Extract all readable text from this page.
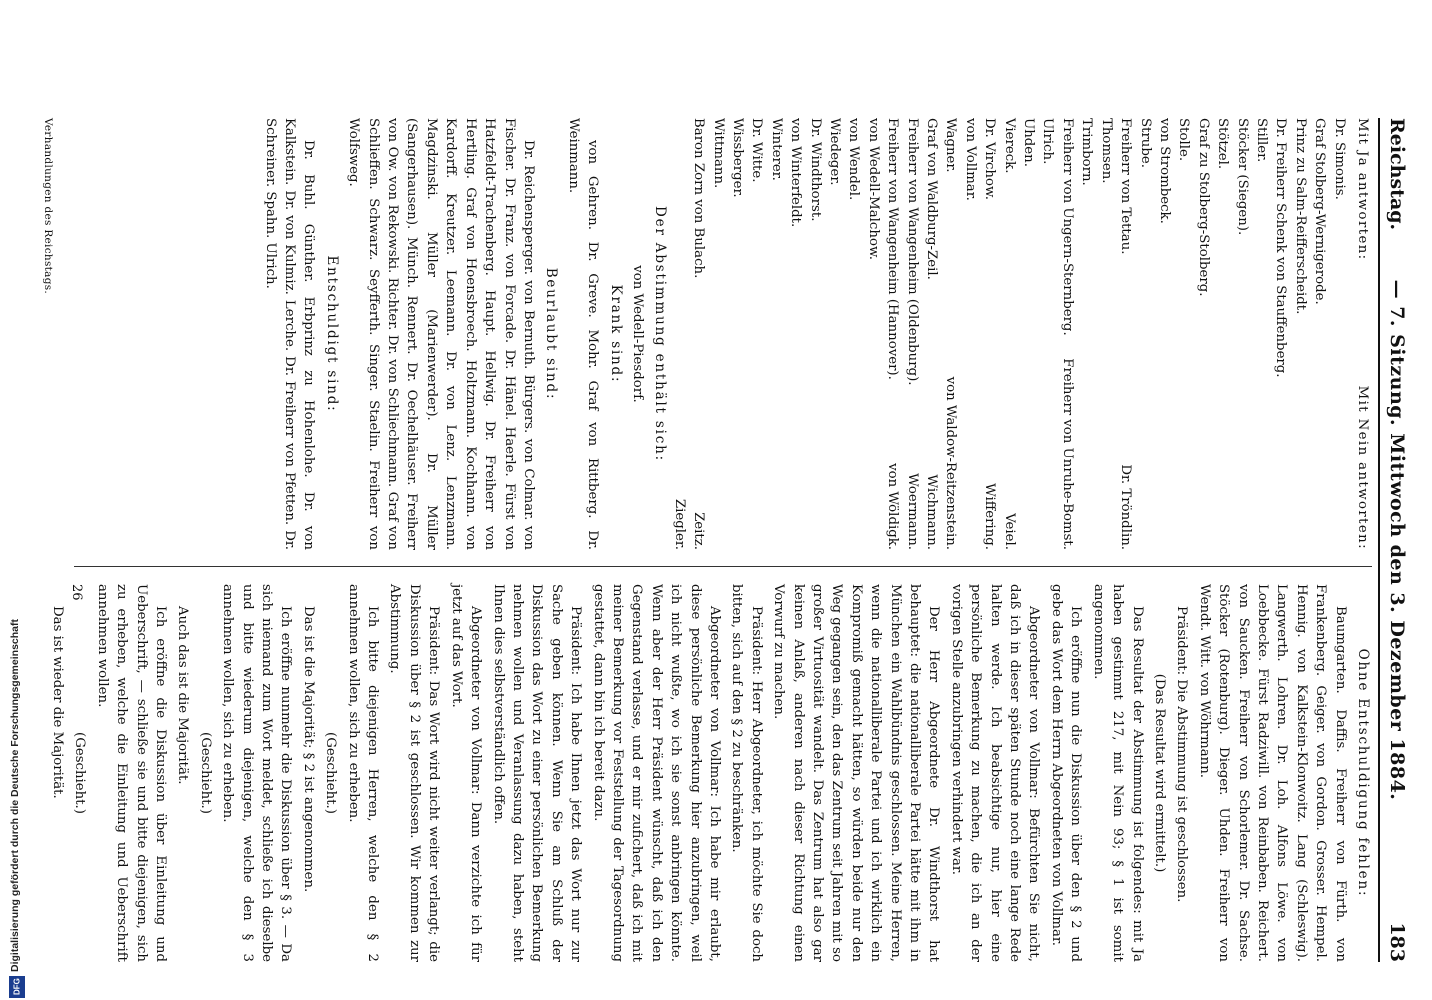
Reichstag.
— 7. Sitzung. Mittwoch den 3. Dezember 1884.
183
Mit Ja antworten:
Mit Nein antworten:
Dr. Simonis.
Graf Stolberg-Wernigerode.
Prinz zu Salm-Reifferscheidt.
Dr. Freiherr Schenk von Stauffenberg.
Stiller.
Stöcker (Siegen).
Stötzel.
Graf zu Stolberg-Stolberg.
Stolle.
von Strombeck.
Strube.
Freiherr von Tettau.
Dr. Tröndlin.
Thomsen.
Trimborn.
Freiherr von Ungern-Sternberg.
Freiherr von Unruhe-Bomst.
Ulrich.
Uhden.
Viereck.
Veiel.
Dr. Virchow.
Wiffering.
von Vollmar.
Wagner.
von Waldow-Reitzenstein.
Graf von Waldburg-Zeil.
Wichmann.
Freiherr von Wangenheim (Oldenburg).
Woermann.
Freiherr von Wangenheim (Hannover).
von Wöldigk.
von Wedell-Malchow.
von Wendel.
Wiedeger.
Dr. Windthorst.
von Winterfeldt.
Winterer.
Dr. Witte.
Wissberger.
Wittmann.
Baron Zorn von Bulach.
Zeitz.
Ziegler.

Der Abstimmung enthält sich:

von Wedell-Piesdorf.

Krank sind:

von Gehren. Dr. Greve. Mohr. Graf von Rittberg. Dr. Weinmann.

Beurlaubt sind:

Dr. Reichensperger. von Bernuth. Bürgers. von Colmar. von Fischer. Dr. Franz. von Forcade. Dr. Hänel. Haerle. Fürst von Hatzfeldt-Trachenberg. Haupt. Hellwig. Dr. Freiherr von Hertling. Graf von Hoensbroech. Holtzmann. Kochhann. von Kardorff. Kreutzer. Leemann. Dr. von Lenz. Lenzmann. Magdzinski. Müller (Marienwerder). Dr. Müller (Sangerhausen). Münch. Rennert. Dr. Oechelhäuser. Freiherr von Ow. von Rekowski. Richter. Dr. von Schliechmann. Graf von Schlieffen. Schwarz. Seyfferth. Singer. Staelin. Freiherr von Wolfsweg.

Entschuldigt sind:

Dr. Buhl. Günther. Erbprinz zu Hohenlohe. Dr. von Kalkstein. Dr. von Kulmiz. Lerche. Dr. Freiherr von Pfetten. Dr. Schreiner. Spahn. Ulrich.

Ohne Entschuldigung fehlen:

Baumgarten. Daffis. Freiherr von Fürth. von Frankenberg. Geiger. von Gordon. Grosser. Hempel. Hennig. von Kalkstein-Klonwoitz. Lang (Schleswig). Langwerth. Lohren. Dr. Loh. Alfons Löwe. von Loebbecke. Fürst Radziwill. von Reinbaben. Reichert. von Saucken. Freiherr von Schorlemer. Dr. Sachse. Stöcker (Rotenburg). Dieger. Uhden. Freiherr von Wendt. Witt. von Wöhrmann.

Präsident: Die Abstimmung ist geschlossen.

(Das Resultat wird ermittelt.)

Das Resultat der Abstimmung ist folgendes: mit Ja haben gestimmt 217, mit Nein 93; § 1 ist somit angenommen.

Ich eröffne nun die Diskussion über den § 2 und gebe das Wort dem Herrn Abgeordneten von Vollmar.

Abgeordneter von Vollmar: Befürchten Sie nicht, daß ich in dieser späten Stunde noch eine lange Rede halten werde. Ich beabsichtige nur, hier eine persönliche Bemerkung zu machen, die ich an der vorigen Stelle anzubringen verhindert war.

Der Herr Abgeordnete Dr. Windthorst hat behauptet: die nationalliberale Partei hätte mit ihm in München ein Wahlbündnis geschlossen. Meine Herren, wenn die nationalliberale Partei und ich wirklich ein Kompromiß gemacht hätten, so würden beide nur den Weg gegangen sein, den das Zentrum seit Jahren mit so großer Virtuosität wandelt. Das Zentrum hat also gar keinen Anlaß, anderen nach dieser Richtung einen Vorwurf zu machen.

Präsident: Herr Abgeordneter, ich möchte Sie doch bitten, sich auf den § 2 zu beschränken.

Abgeordneter von Vollmar: Ich habe mir erlaubt, diese persönliche Bemerkung hier anzubringen, weil ich nicht wußte, wo ich sie sonst anbringen könnte. Wenn aber der Herr Präsident wünscht, daß ich den Gegenstand verlasse, und er mir zufichert, daß ich mit meiner Bemerkung vor Feststellung der Tagesordnung gestattet, dann bin ich bereit dazu.

Präsident: Ich habe Ihnen jetzt das Wort nur zur Sache geben können. Wenn Sie am Schluß der Diskussion das Wort zu einer persönlichen Bemerkung nehmen wollen und Veranlassung dazu haben, steht Ihnen dies selbstverständlich offen.

Abgeordneter von Vollmar: Dann verzichte ich für jetzt auf das Wort.

Präsident: Das Wort wird nicht weiter verlangt; die Diskussion über § 2 ist geschlossen. Wir kommen zur Abstimmung.

Ich bitte diejenigen Herren, welche den § 2 annehmen wollen, sich zu erheben.

(Geschieht.)

Das ist die Majorität; § 2 ist angenommen.

Ich eröffne nunmehr die Diskussion über § 3. — Da sich niemand zum Wort meldet, schließe ich dieselbe und bitte wiederum diejenigen, welche den § 3 annehmen wollen, sich zu erheben.

(Geschieht.)

Auch das ist die Majorität.

Ich eröffne die Diskussion über Einleitung und Ueberschrift, — schließe sie und bitte diejenigen, sich zu erheben, welche die Einleitung und Ueberschrift annehmen wollen.

(Geschieht.)

Das ist wieder die Majorität.

Verhandlungen des Reichstags.
26
Digitalisierung gefördert durch die Deutsche Forschungsgemeinschaft
DFG
